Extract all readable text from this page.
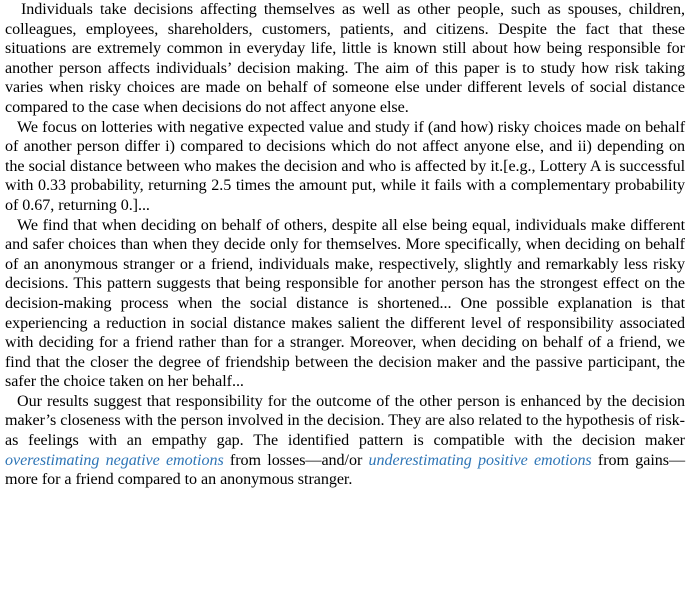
Individuals take decisions affecting themselves as well as other people, such as spouses, children, colleagues, employees, shareholders, customers, patients, and citizens. Despite the fact that these situations are extremely common in everyday life, little is known still about how being responsible for another person affects individuals’ decision making. The aim of this paper is to study how risk taking varies when risky choices are made on behalf of someone else under different levels of social distance compared to the case when decisions do not affect anyone else.

We focus on lotteries with negative expected value and study if (and how) risky choices made on behalf of another person differ i) compared to decisions which do not affect anyone else, and ii) depending on the social distance between who makes the decision and who is affected by it.[e.g., Lottery A is successful with 0.33 probability, returning 2.5 times the amount put, while it fails with a complementary probability of 0.67, returning 0.]...

We find that when deciding on behalf of others, despite all else being equal, individuals make different and safer choices than when they decide only for themselves. More specifically, when deciding on behalf of an anonymous stranger or a friend, individuals make, respectively, slightly and remarkably less risky decisions. This pattern suggests that being responsible for another person has the strongest effect on the decision-making process when the social distance is shortened... One possible explanation is that experiencing a reduction in social distance makes salient the different level of responsibility associated with deciding for a friend rather than for a stranger. Moreover, when deciding on behalf of a friend, we find that the closer the degree of friendship between the decision maker and the passive participant, the safer the choice taken on her behalf...

Our results suggest that responsibility for the outcome of the other person is enhanced by the decision maker’s closeness with the person involved in the decision. They are also related to the hypothesis of risk-as feelings with an empathy gap. The identified pattern is compatible with the decision maker overestimating negative emotions from losses—and/or underestimating positive emotions from gains—more for a friend compared to an anonymous stranger.
